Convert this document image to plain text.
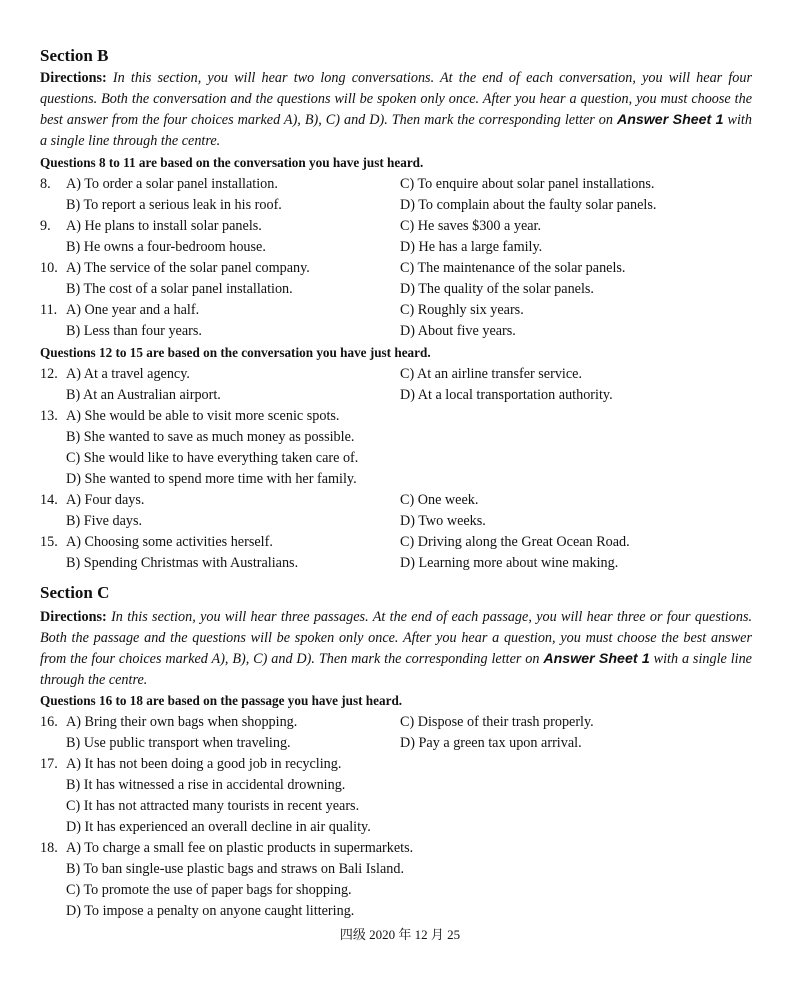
Section B
Directions: In this section, you will hear two long conversations. At the end of each conversation, you will hear four questions. Both the conversation and the questions will be spoken only once. After you hear a question, you must choose the best answer from the four choices marked A), B), C) and D). Then mark the corresponding letter on Answer Sheet 1 with a single line through the centre.
Questions 8 to 11 are based on the conversation you have just heard.
8. A) To order a solar panel installation.	C) To enquire about solar panel installations.
B) To report a serious leak in his roof.	D) To complain about the faulty solar panels.
9. A) He plans to install solar panels.	C) He saves $300 a year.
B) He owns a four-bedroom house.	D) He has a large family.
10. A) The service of the solar panel company.	C) The maintenance of the solar panels.
B) The cost of a solar panel installation.	D) The quality of the solar panels.
11. A) One year and a half.	C) Roughly six years.
B) Less than four years.	D) About five years.
Questions 12 to 15 are based on the conversation you have just heard.
12. A) At a travel agency.	C) At an airline transfer service.
B) At an Australian airport.	D) At a local transportation authority.
13. A) She would be able to visit more scenic spots.
B) She wanted to save as much money as possible.
C) She would like to have everything taken care of.
D) She wanted to spend more time with her family.
14. A) Four days.	C) One week.
B) Five days.	D) Two weeks.
15. A) Choosing some activities herself.	C) Driving along the Great Ocean Road.
B) Spending Christmas with Australians.	D) Learning more about wine making.
Section C
Directions: In this section, you will hear three passages. At the end of each passage, you will hear three or four questions. Both the passage and the questions will be spoken only once. After you hear a question, you must choose the best answer from the four choices marked A), B), C) and D). Then mark the corresponding letter on Answer Sheet 1 with a single line through the centre.
Questions 16 to 18 are based on the passage you have just heard.
16. A) Bring their own bags when shopping.	C) Dispose of their trash properly.
B) Use public transport when traveling.	D) Pay a green tax upon arrival.
17. A) It has not been doing a good job in recycling.
B) It has witnessed a rise in accidental drowning.
C) It has not attracted many tourists in recent years.
D) It has experienced an overall decline in air quality.
18. A) To charge a small fee on plastic products in supermarkets.
B) To ban single-use plastic bags and straws on Bali Island.
C) To promote the use of paper bags for shopping.
D) To impose a penalty on anyone caught littering.
四级 2020 年 12 月 25
